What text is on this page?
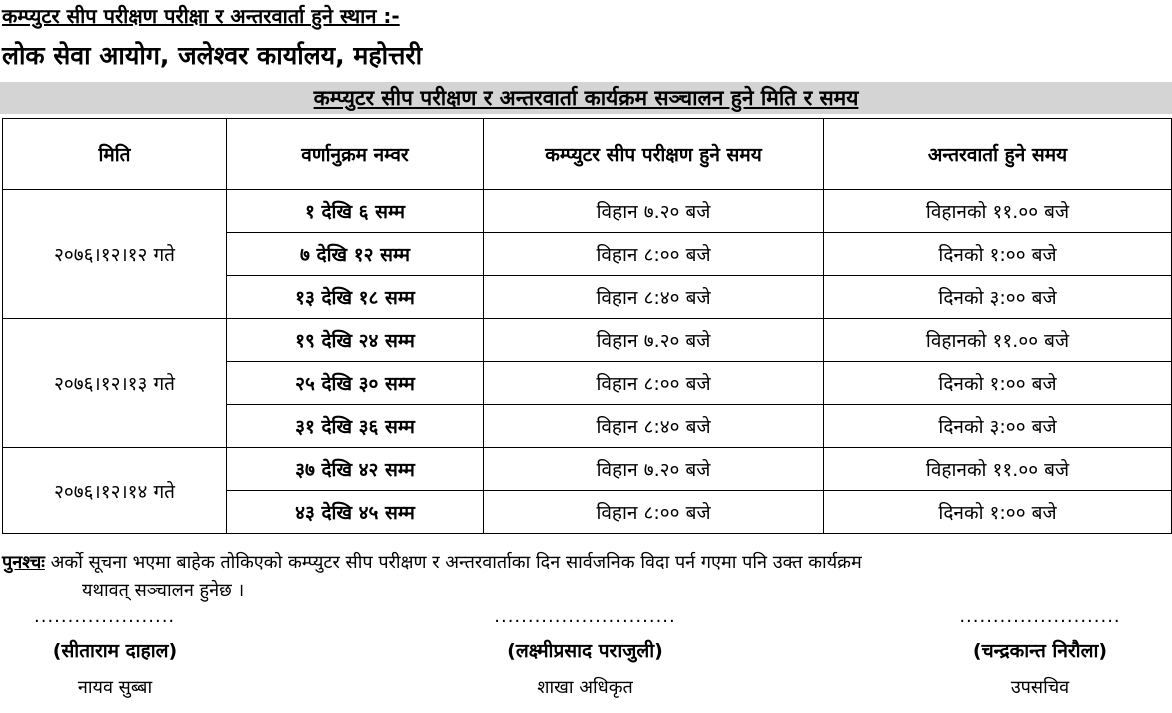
कम्प्युटर सीप परीक्षण परीक्षा र अन्तरवार्ता हुने स्थान :-
लोक सेवा आयोग, जलेश्वर कार्यालय, महोत्तरी
कम्प्युटर सीप परीक्षण र अन्तरवार्ता कार्यक्रम सञ्चालन हुने मिति र समय
मिति	वर्णानुक्रम नम्वर	कम्प्युटर सीप परीक्षण हुने समय	अन्तरवार्ता हुने समय
२०७६।१२।१२ गते	१ देखि ६ सम्म	विहान ७.२० बजे	विहानको ११.०० बजे
	७ देखि १२ सम्म	विहान ८:०० बजे	दिनको १:०० बजे
	१३ देखि १८ सम्म	विहान ८:४० बजे	दिनको ३:०० बजे
२०७६।१२।१३ गते	१९ देखि २४ सम्म	विहान ७.२० बजे	विहानको ११.०० बजे
	२५ देखि ३० सम्म	विहान ८:०० बजे	दिनको १:०० बजे
	३१ देखि ३६ सम्म	विहान ८:४० बजे	दिनको ३:०० बजे
२०७६।१२।१४ गते	३७ देखि ४२ सम्म	विहान ७.२० बजे	विहानको ११.०० बजे
	४३ देखि ४५ सम्म	विहान ८:०० बजे	दिनको १:०० बजे
पुनश्चः अर्को सूचना भएमा बाहेक तोकिएको कम्प्युटर सीप परीक्षण र अन्तरवार्ताका दिन सार्वजनिक विदा पर्न गएमा पनि उक्त कार्यक्रम
यथावत् सञ्चालन हुनेछ ।
.....................
(सीताराम दाहाल)
नायव सुब्बा
...........................
(लक्ष्मीप्रसाद पराजुली)
शाखा अधिकृत
........................
(चन्द्रकान्त निरौला)
उपसचिव
